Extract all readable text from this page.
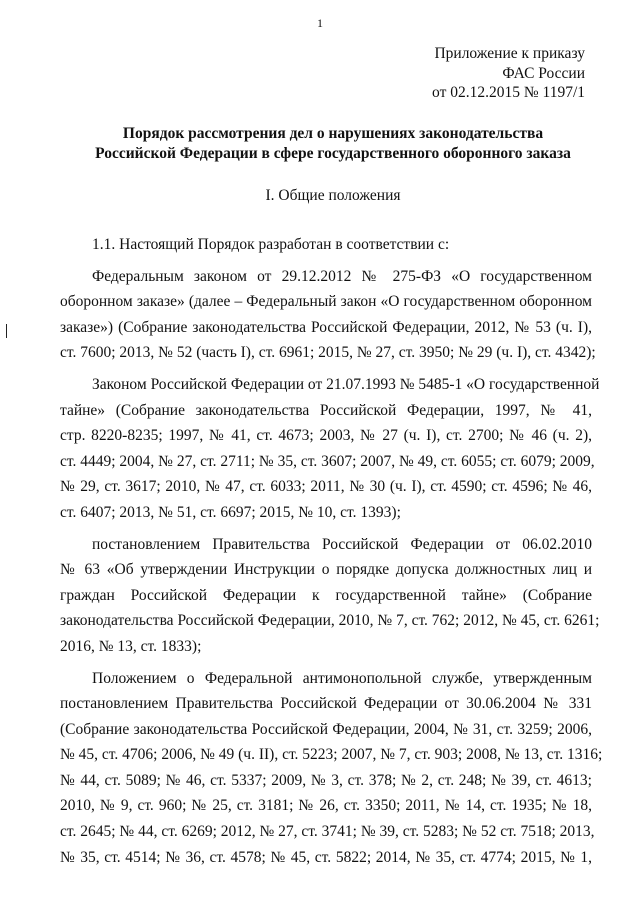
1
Приложение к приказу
ФАС России
от 02.12.2015 № 1197/1
Порядок рассмотрения дел о нарушениях законодательства
Российской Федерации в сфере государственного оборонного заказа
I. Общие положения
1.1. Настоящий Порядок разработан в соответствии с:
Федеральным законом от 29.12.2012 № 275-ФЗ «О государственном
оборонном заказе» (далее – Федеральный закон «О государственном оборонном
заказе») (Собрание законодательства Российской Федерации, 2012, № 53 (ч. I),
ст. 7600; 2013, № 52 (часть I), ст. 6961; 2015, № 27, ст. 3950; № 29 (ч. I), ст. 4342);
Законом Российской Федерации от 21.07.1993 № 5485-1 «О государственной
тайне» (Собрание законодательства Российской Федерации, 1997, № 41,
стр. 8220-8235; 1997, № 41, ст. 4673; 2003, № 27 (ч. I), ст. 2700; № 46 (ч. 2),
ст. 4449; 2004, № 27, ст. 2711; № 35, ст. 3607; 2007, № 49, ст. 6055; ст. 6079; 2009,
№ 29, ст. 3617; 2010, № 47, ст. 6033; 2011, № 30 (ч. I), ст. 4590; ст. 4596; № 46,
ст. 6407; 2013, № 51, ст. 6697; 2015, № 10, ст. 1393);
постановлением Правительства Российской Федерации от 06.02.2010
№ 63 «Об утверждении Инструкции о порядке допуска должностных лиц и
граждан Российской Федерации к государственной тайне» (Собрание
законодательства Российской Федерации, 2010, № 7, ст. 762; 2012, № 45, ст. 6261;
2016, № 13, ст. 1833);
Положением о Федеральной антимонопольной службе, утвержденным
постановлением Правительства Российской Федерации от 30.06.2004 № 331
(Собрание законодательства Российской Федерации, 2004, № 31, ст. 3259; 2006,
№ 45, ст. 4706; 2006, № 49 (ч. II), ст. 5223; 2007, № 7, ст. 903; 2008, № 13, ст. 1316;
№ 44, ст. 5089; № 46, ст. 5337; 2009, № 3, ст. 378; № 2, ст. 248; № 39, ст. 4613;
2010, № 9, ст. 960; № 25, ст. 3181; № 26, ст. 3350; 2011, № 14, ст. 1935; № 18,
ст. 2645; № 44, ст. 6269; 2012, № 27, ст. 3741; № 39, ст. 5283; № 52 ст. 7518; 2013,
№ 35, ст. 4514; № 36, ст. 4578; № 45, ст. 5822; 2014, № 35, ст. 4774; 2015, № 1,
